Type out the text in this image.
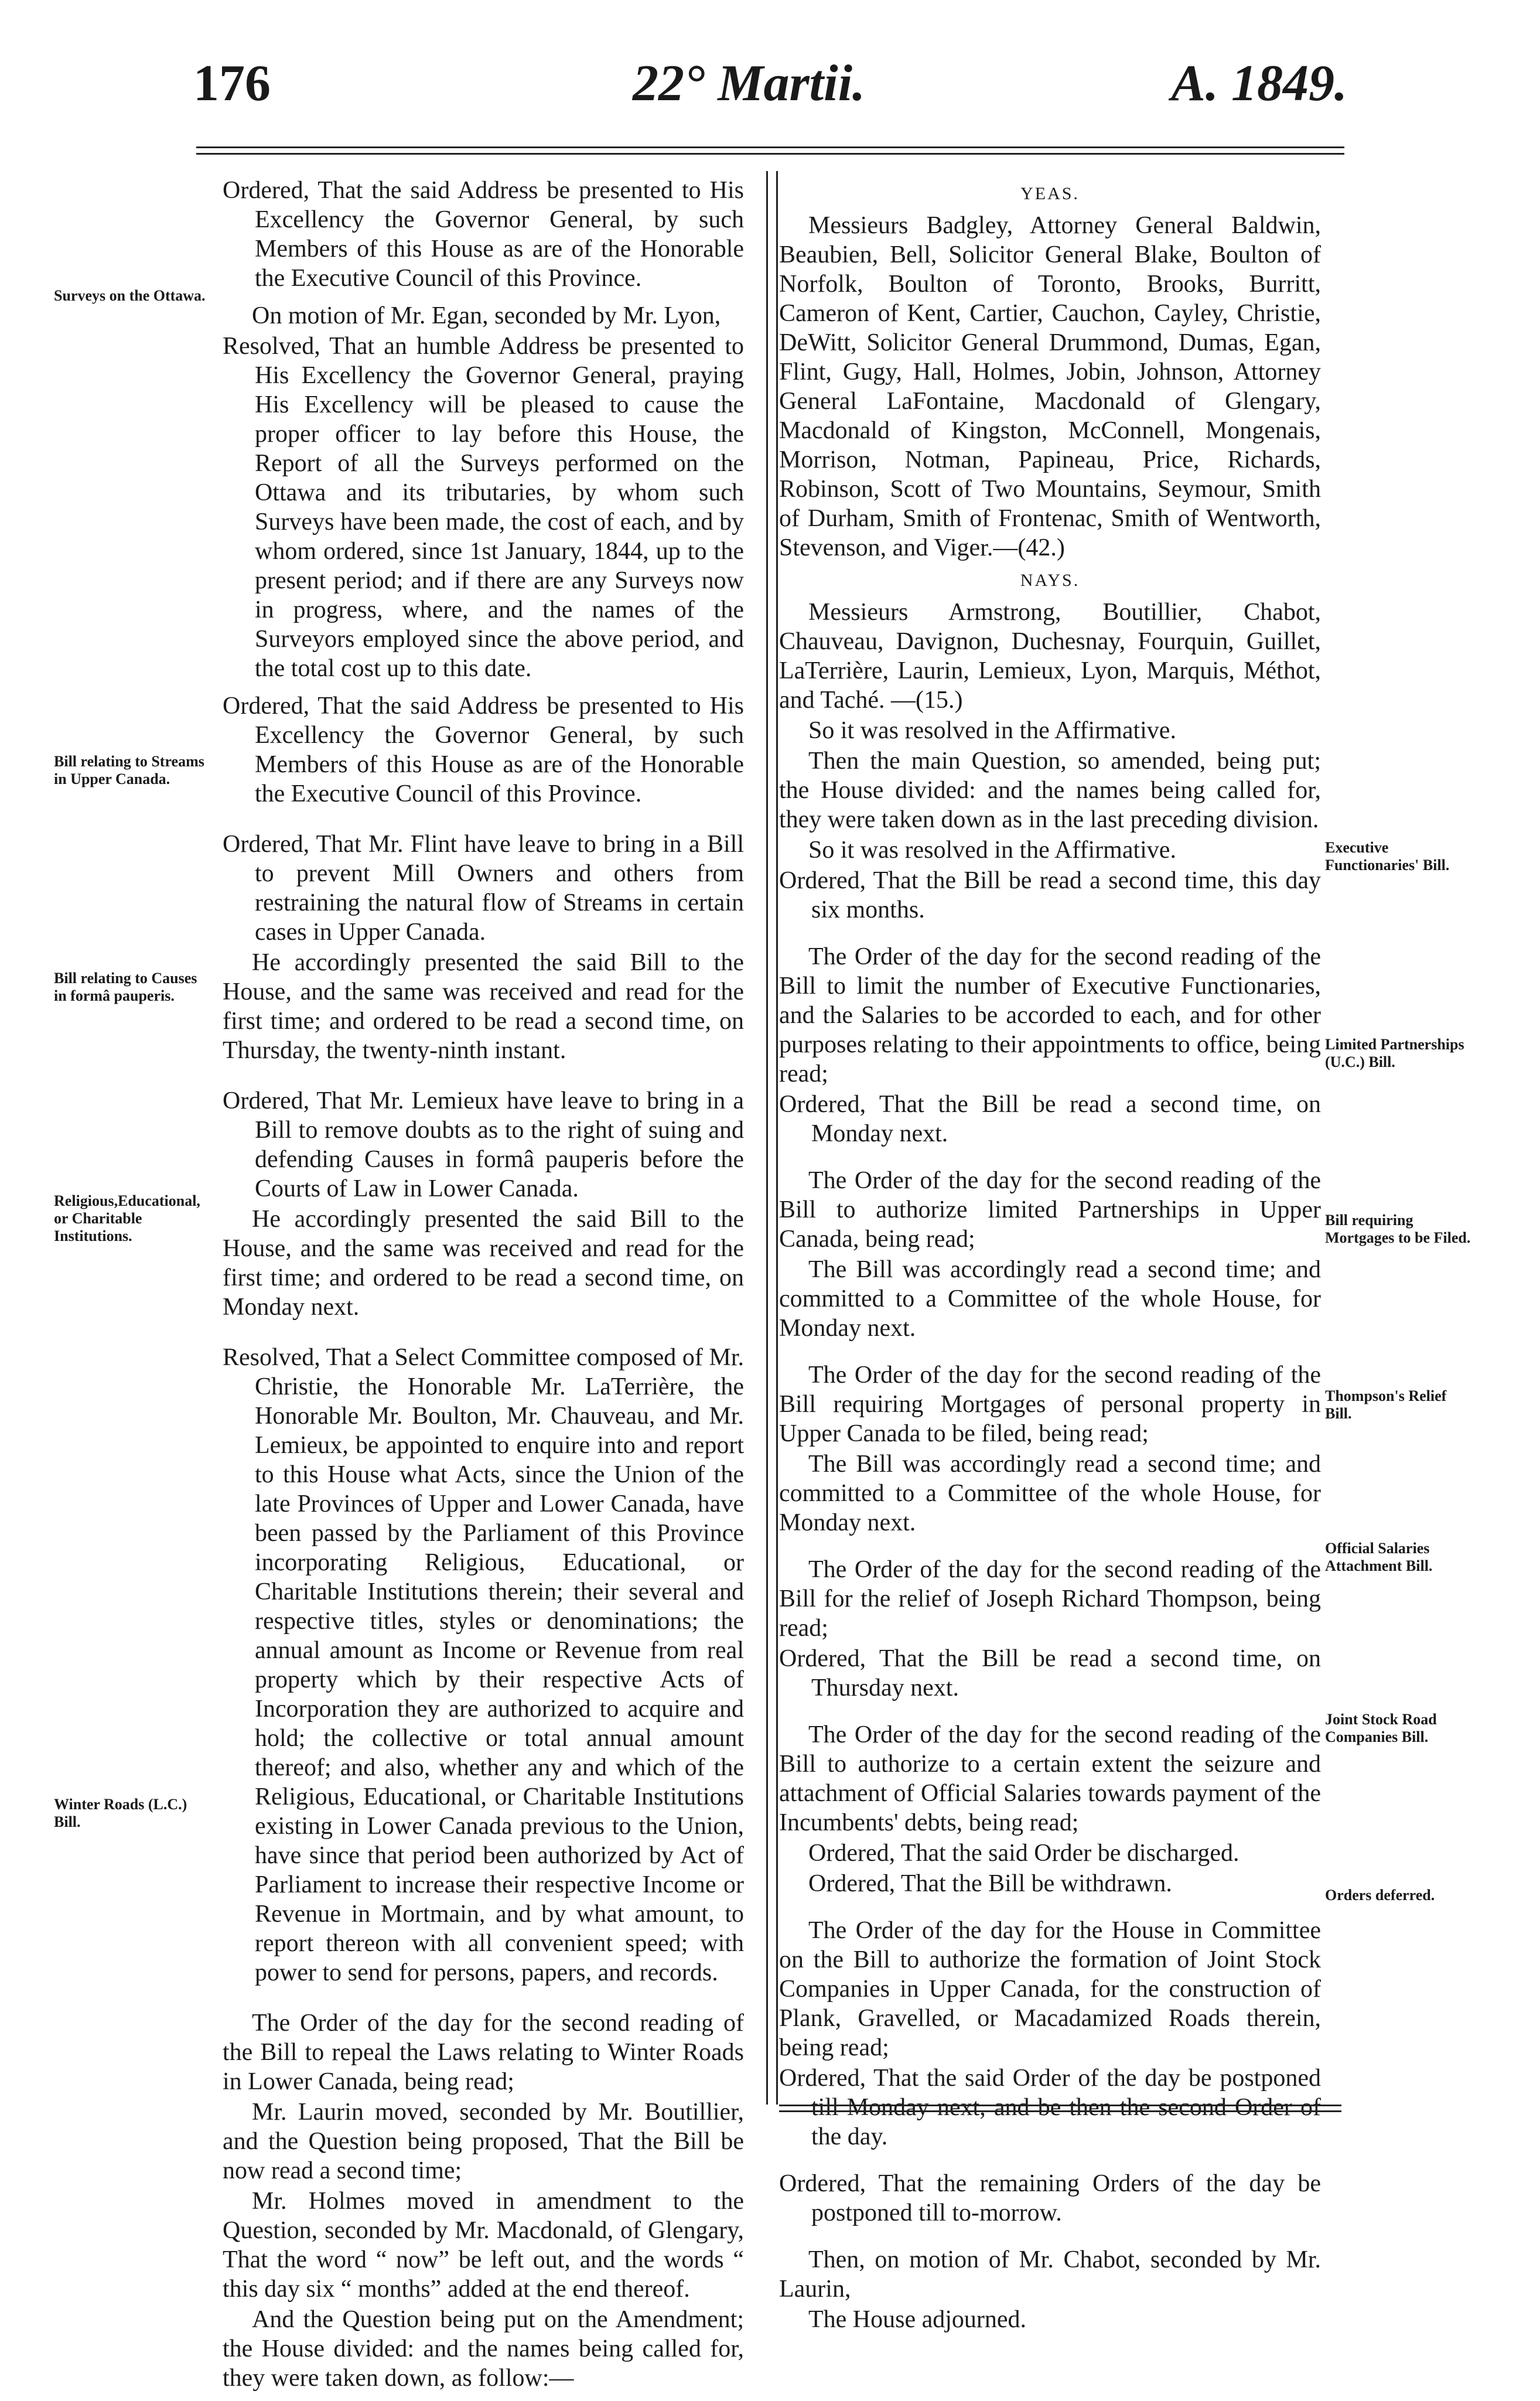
176	22° Martii.	A. 1849.
Surveys on the Ottawa.
Bill relating to Streams in Upper Canada.
Bill relating to Causes in formâ pauperis.
Religious,Educational, or Charitable Institutions.
Winter Roads (L.C.) Bill.
Executive Functionaries' Bill.
Limited Partnerships (U.C.) Bill.
Bill requiring Mortgages to be Filed.
Thompson's Relief Bill.
Official Salaries Attachment Bill.
Joint Stock Road Companies Bill.
Orders deferred.

Ordered, That the said Address be presented to His Excellency the Governor General, by such Members of this House as are of the Honorable the Executive Council of this Province.

On motion of Mr. Egan, seconded by Mr. Lyon,

Resolved, That an humble Address be presented to His Excellency the Governor General, praying His Excellency will be pleased to cause the proper officer to lay before this House, the Report of all the Surveys performed on the Ottawa and its tributaries, by whom such Surveys have been made, the cost of each, and by whom ordered, since 1st January, 1844, up to the present period; and if there are any Surveys now in progress, where, and the names of the Surveyors employed since the above period, and the total cost up to this date.

Ordered, That the said Address be presented to His Excellency the Governor General, by such Members of this House as are of the Honorable the Executive Council of this Province.

Ordered, That Mr. Flint have leave to bring in a Bill to prevent Mill Owners and others from restraining the natural flow of Streams in certain cases in Upper Canada.

He accordingly presented the said Bill to the House, and the same was received and read for the first time; and ordered to be read a second time, on Thursday, the twenty-ninth instant.

Ordered, That Mr. Lemieux have leave to bring in a Bill to remove doubts as to the right of suing and defending Causes in formâ pauperis before the Courts of Law in Lower Canada.

He accordingly presented the said Bill to the House, and the same was received and read for the first time; and ordered to be read a second time, on Monday next.

Resolved, That a Select Committee composed of Mr. Christie, the Honorable Mr. LaTerrière, the Honorable Mr. Boulton, Mr. Chauveau, and Mr. Lemieux, be appointed to enquire into and report to this House what Acts, since the Union of the late Provinces of Upper and Lower Canada, have been passed by the Parliament of this Province incorporating Religious, Educational, or Charitable Institutions therein; their several and respective titles, styles or denominations; the annual amount as Income or Revenue from real property which by their respective Acts of Incorporation they are authorized to acquire and hold; the collective or total annual amount thereof; and also, whether any and which of the Religious, Educational, or Charitable Institutions existing in Lower Canada previous to the Union, have since that period been authorized by Act of Parliament to increase their respective Income or Revenue in Mortmain, and by what amount, to report thereon with all convenient speed; with power to send for persons, papers, and records.

The Order of the day for the second reading of the Bill to repeal the Laws relating to Winter Roads in Lower Canada, being read;

Mr. Laurin moved, seconded by Mr. Boutillier, and the Question being proposed, That the Bill be now read a second time;

Mr. Holmes moved in amendment to the Question, seconded by Mr. Macdonald, of Glengary, That the word “ now” be left out, and the words “ this day six “ months” added at the end thereof.

And the Question being put on the Amendment; the House divided: and the names being called for, they were taken down, as follow:—

YEAS.

Messieurs Badgley, Attorney General Baldwin, Beaubien, Bell, Solicitor General Blake, Boulton of Norfolk, Boulton of Toronto, Brooks, Burritt, Cameron of Kent, Cartier, Cauchon, Cayley, Christie, DeWitt, Solicitor General Drummond, Dumas, Egan, Flint, Gugy, Hall, Holmes, Jobin, Johnson, Attorney General LaFontaine, Macdonald of Glengary, Macdonald of Kingston, McConnell, Mongenais, Morrison, Notman, Papineau, Price, Richards, Robinson, Scott of Two Mountains, Seymour, Smith of Durham, Smith of Frontenac, Smith of Wentworth, Stevenson, and Viger.—(42.)

NAYS.

Messieurs Armstrong, Boutillier, Chabot, Chauveau, Davignon, Duchesnay, Fourquin, Guillet, LaTerrière, Laurin, Lemieux, Lyon, Marquis, Méthot, and Taché. —(15.)

So it was resolved in the Affirmative.

Then the main Question, so amended, being put; the House divided: and the names being called for, they were taken down as in the last preceding division.

So it was resolved in the Affirmative.

Ordered, That the Bill be read a second time, this day six months.

The Order of the day for the second reading of the Bill to limit the number of Executive Functionaries, and the Salaries to be accorded to each, and for other purposes relating to their appointments to office, being read;

Ordered, That the Bill be read a second time, on Monday next.

The Order of the day for the second reading of the Bill to authorize limited Partnerships in Upper Canada, being read;

The Bill was accordingly read a second time; and committed to a Committee of the whole House, for Monday next.

The Order of the day for the second reading of the Bill requiring Mortgages of personal property in Upper Canada to be filed, being read;

The Bill was accordingly read a second time; and committed to a Committee of the whole House, for Monday next.

The Order of the day for the second reading of the Bill for the relief of Joseph Richard Thompson, being read;

Ordered, That the Bill be read a second time, on Thursday next.

The Order of the day for the second reading of the Bill to authorize to a certain extent the seizure and attachment of Official Salaries towards payment of the Incumbents' debts, being read;

Ordered, That the said Order be discharged.

Ordered, That the Bill be withdrawn.

The Order of the day for the House in Committee on the Bill to authorize the formation of Joint Stock Companies in Upper Canada, for the construction of Plank, Gravelled, or Macadamized Roads therein, being read;

Ordered, That the said Order of the day be postponed till Monday next, and be then the second Order of the day.

Ordered, That the remaining Orders of the day be postponed till to-morrow.

Then, on motion of Mr. Chabot, seconded by Mr. Laurin,

The House adjourned.
